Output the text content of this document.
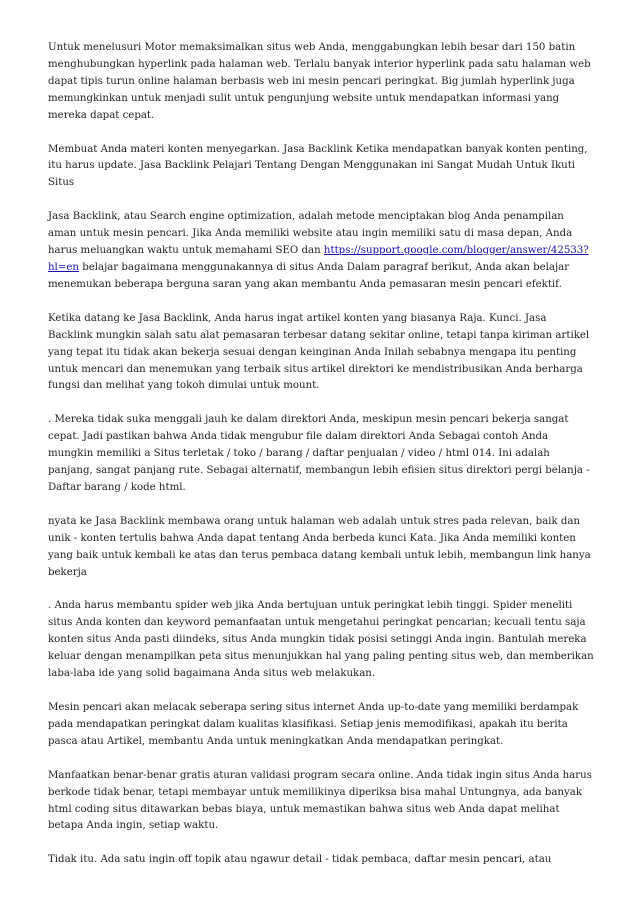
Untuk menelusuri Motor memaksimalkan situs web Anda, menggabungkan lebih besar dari 150 batin menghubungkan hyperlink pada halaman web. Terlalu banyak interior hyperlink pada satu halaman web dapat tipis turun online halaman berbasis web ini mesin pencari peringkat. Big jumlah hyperlink juga memungkinkan untuk menjadi sulit untuk pengunjung website untuk mendapatkan informasi yang mereka dapat cepat.

Membuat Anda materi konten menyegarkan. Jasa Backlink Ketika mendapatkan banyak konten penting, itu harus update. Jasa Backlink Pelajari Tentang Dengan Menggunakan ini Sangat Mudah Untuk Ikuti Situs

Jasa Backlink, atau Search engine optimization, adalah metode menciptakan blog Anda penampilan aman untuk mesin pencari. Jika Anda memiliki website atau ingin memiliki satu di masa depan, Anda harus meluangkan waktu untuk memahami SEO dan https://support.google.com/blogger/answer/42533?hl=en belajar bagaimana menggunakannya di situs Anda Dalam paragraf berikut, Anda akan belajar menemukan beberapa berguna saran yang akan membantu Anda pemasaran mesin pencari efektif.

Ketika datang ke Jasa Backlink, Anda harus ingat artikel konten yang biasanya Raja. Kunci. Jasa Backlink mungkin salah satu alat pemasaran terbesar datang sekitar online, tetapi tanpa kiriman artikel yang tepat itu tidak akan bekerja sesuai dengan keinginan Anda Inilah sebabnya mengapa itu penting untuk mencari dan menemukan yang terbaik situs artikel direktori ke mendistribusikan Anda berharga fungsi dan melihat yang tokoh dimulai untuk mount.

. Mereka tidak suka menggali jauh ke dalam direktori Anda, meskipun mesin pencari bekerja sangat cepat. Jadi pastikan bahwa Anda tidak mengubur file dalam direktori Anda Sebagai contoh Anda mungkin memiliki a Situs terletak / toko / barang / daftar penjualan / video / html 014. Ini adalah panjang, sangat panjang rute. Sebagai alternatif, membangun lebih efisien situs direktori pergi belanja - Daftar barang / kode html.

nyata ke Jasa Backlink membawa orang untuk halaman web adalah untuk stres pada relevan, baik dan unik - konten tertulis bahwa Anda dapat tentang Anda berbeda kunci Kata. Jika Anda memiliki konten yang baik untuk kembali ke atas dan terus pembaca datang kembali untuk lebih, membangun link hanya bekerja

. Anda harus membantu spider web jika Anda bertujuan untuk peringkat lebih tinggi. Spider meneliti situs Anda konten dan keyword pemanfaatan untuk mengetahui peringkat pencarian; kecuali tentu saja konten situs Anda pasti diindeks, situs Anda mungkin tidak posisi setinggi Anda ingin. Bantulah mereka keluar dengan menampilkan peta situs menunjukkan hal yang paling penting situs web, dan memberikan laba-laba ide yang solid bagaimana Anda situs web melakukan.

Mesin pencari akan melacak seberapa sering situs internet Anda up-to-date yang memiliki berdampak pada mendapatkan peringkat dalam kualitas klasifikasi. Setiap jenis memodifikasi, apakah itu berita pasca atau Artikel, membantu Anda untuk meningkatkan Anda mendapatkan peringkat.

Manfaatkan benar-benar gratis aturan validasi program secara online. Anda tidak ingin situs Anda harus berkode tidak benar, tetapi membayar untuk memilikinya diperiksa bisa mahal Untungnya, ada banyak html coding situs ditawarkan bebas biaya, untuk memastikan bahwa situs web Anda dapat melihat betapa Anda ingin, setiap waktu.

Tidak itu. Ada satu ingin off topik atau ngawur detail - tidak pembaca, daftar mesin pencari, atau
